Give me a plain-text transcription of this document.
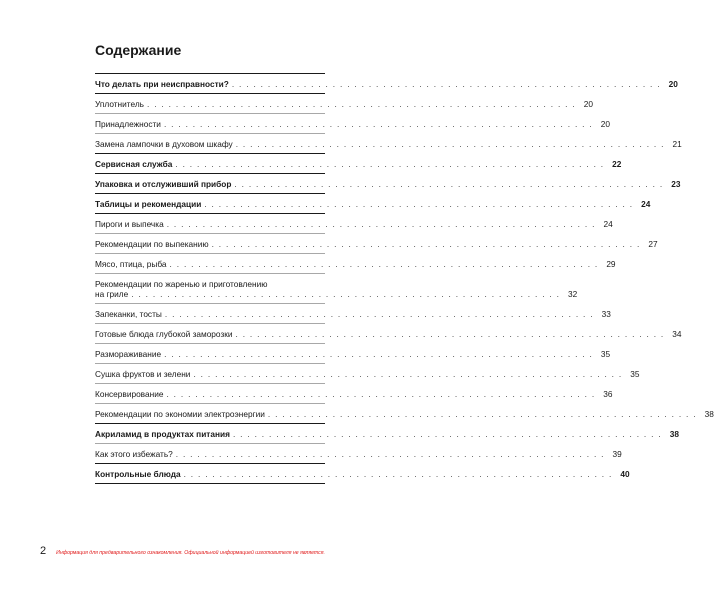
Содержание
Что делать при неисправности? . . .	20
Уплотнитель . . .	20
Принадлежности . . .	20
Замена лампочки в духовом шкафу . . .	21
Сервисная служба . . .	22
Упаковка и отслуживший прибор . . .	23
Таблицы и рекомендации . . .	24
Пироги и выпечка . . .	24
Рекомендации по выпеканию . . .	27
Мясо, птица, рыба . . .	29
Рекомендации по жаренью и приготовлению
на гриле . . .	32
Запеканки, тосты . . .	33
Готовые блюда глубокой заморозки . . .	34
Размораживание . . .	35
Сушка фруктов и зелени . . .	35
Консервирование . . .	36
Рекомендации по экономии электроэнергии . . .	38
Акриламид в продуктах питания . . .	38
Как этого избежать? . . .	39
Контрольные блюда . . .	40
2 Информация для предварительного ознакомления. Официальной информацией изготовителя не является.
